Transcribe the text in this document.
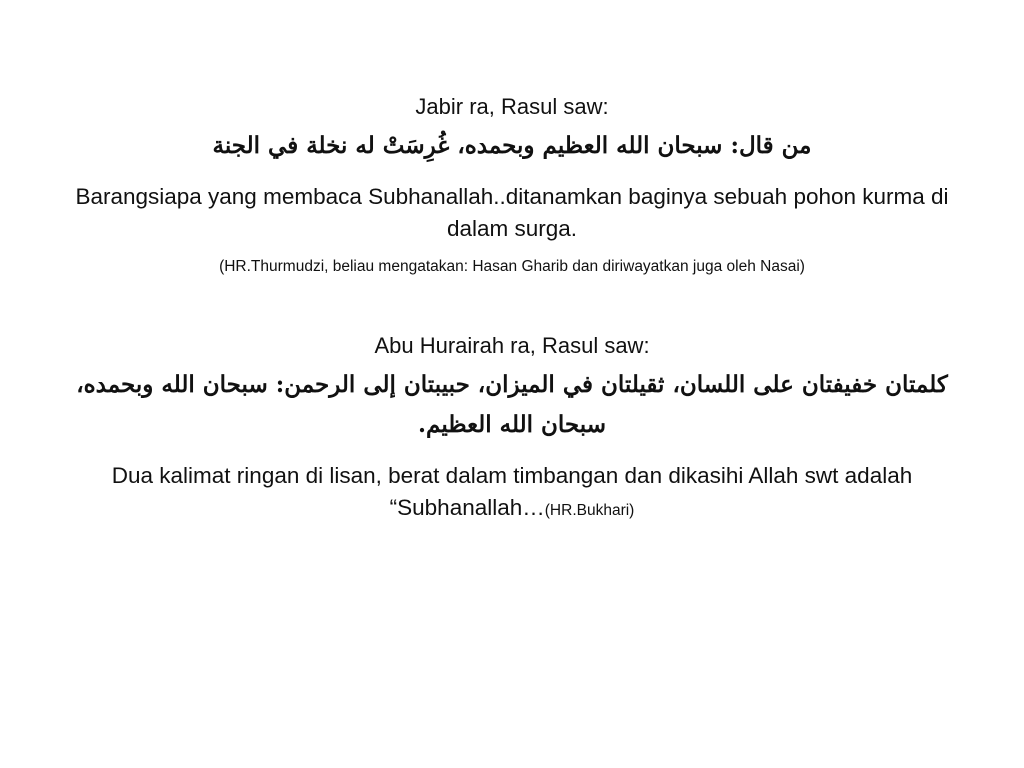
Jabir ra, Rasul saw:
من قال: سبحان الله العظيم وبحمده، غُرِسَتْ له نخلة في الجنة
Barangsiapa yang membaca Subhanallah..ditanamkan baginya sebuah pohon kurma di dalam surga.
(HR.Thurmudzi, beliau mengatakan: Hasan Gharib dan diriwayatkan juga oleh Nasai)
Abu Hurairah ra, Rasul saw:
كلمتان خفيفتان على اللسان، ثقيلتان في الميزان، حبيبتان إلى الرحمن: سبحان الله وبحمده، سبحان الله العظيم.
Dua kalimat ringan di lisan, berat dalam timbangan dan dikasihi Allah swt adalah “Subhanallah…(HR.Bukhari)
